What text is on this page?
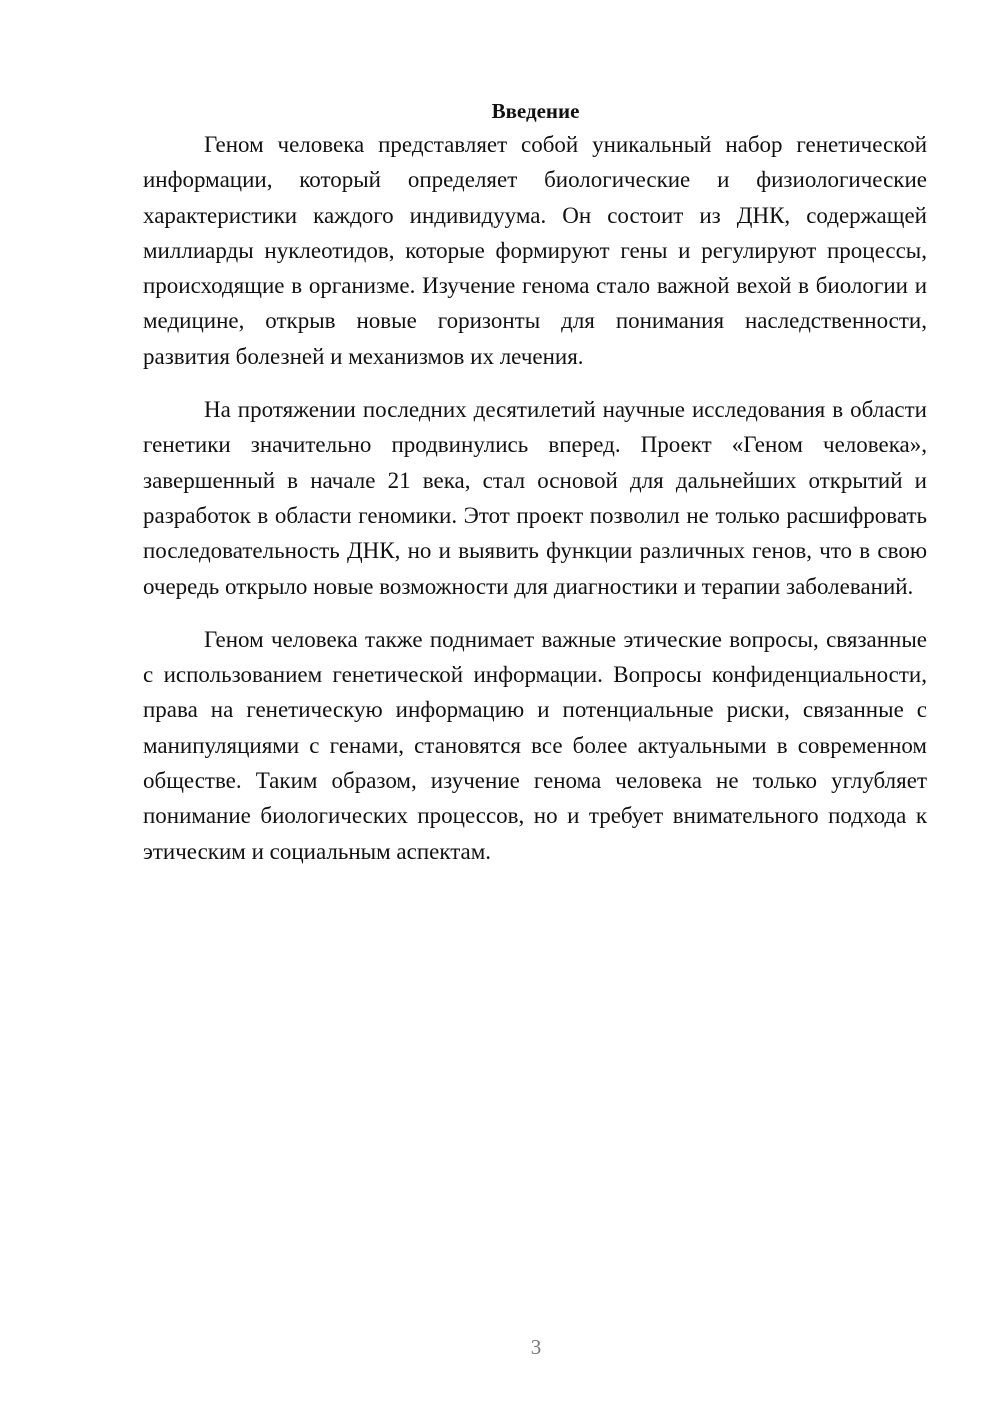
Введение

Геном человека представляет собой уникальный набор генетической информации, который определяет биологические и физиологические характеристики каждого индивидуума. Он состоит из ДНК, содержащей миллиарды нуклеотидов, которые формируют гены и регулируют процессы, происходящие в организме. Изучение генома стало важной вехой в биологии и медицине, открыв новые горизонты для понимания наследственности, развития болезней и механизмов их лечения.

На протяжении последних десятилетий научные исследования в области генетики значительно продвинулись вперед. Проект «Геном человека», завершенный в начале 21 века, стал основой для дальнейших открытий и разработок в области геномики. Этот проект позволил не только расшифровать последовательность ДНК, но и выявить функции различных генов, что в свою очередь открыло новые возможности для диагностики и терапии заболеваний.

Геном человека также поднимает важные этические вопросы, связанные с использованием генетической информации. Вопросы конфиденциальности, права на генетическую информацию и потенциальные риски, связанные с манипуляциями с генами, становятся все более актуальными в современном обществе. Таким образом, изучение генома человека не только углубляет понимание биологических процессов, но и требует внимательного подхода к этическим и социальным аспектам.

3
